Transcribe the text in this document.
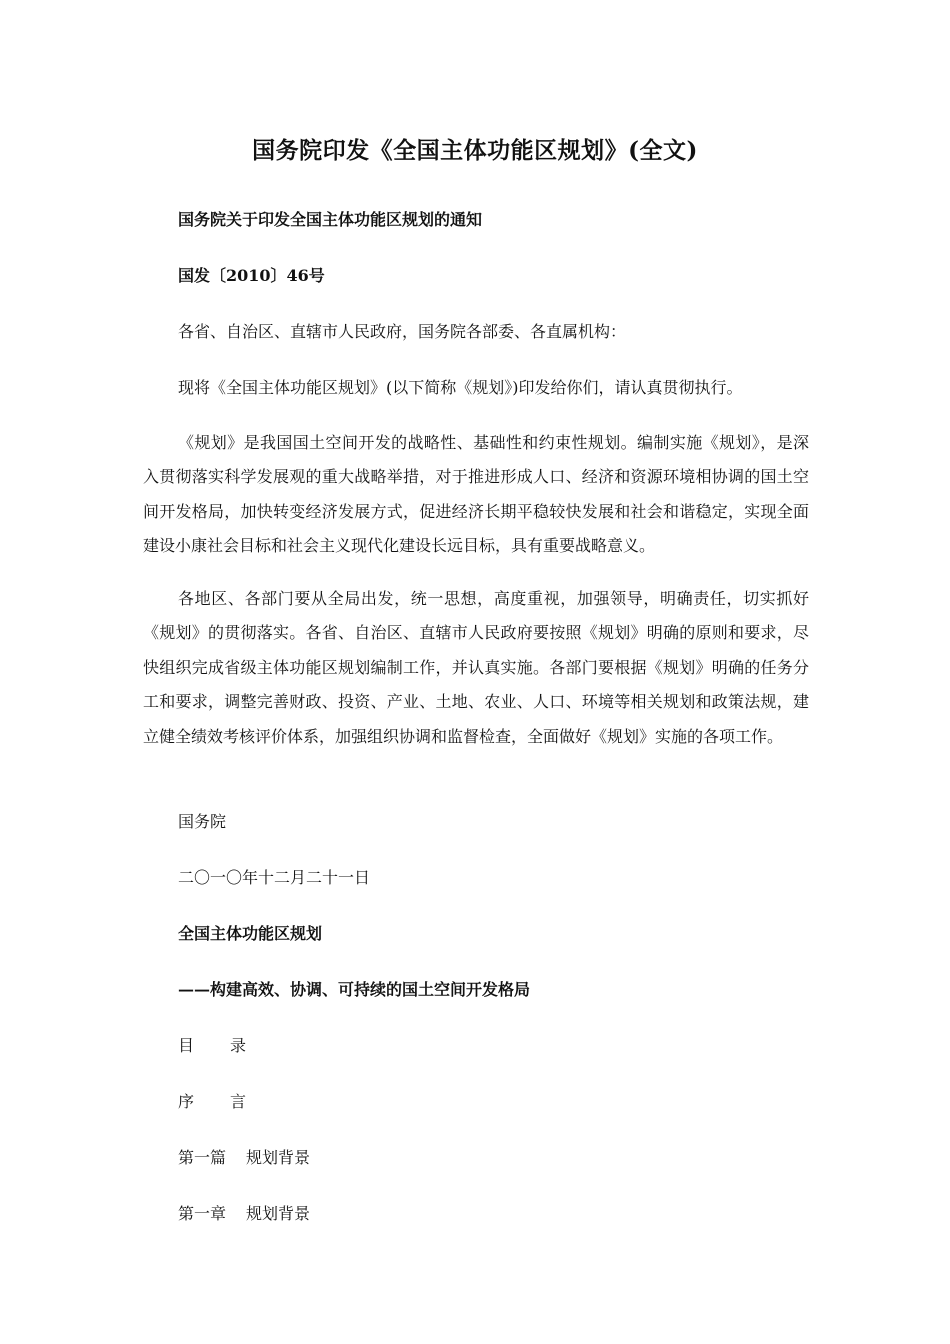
国务院印发《全国主体功能区规划》(全文)

国务院关于印发全国主体功能区规划的通知

国发〔2010〕46号

各省、自治区、直辖市人民政府，国务院各部委、各直属机构：

现将《全国主体功能区规划》(以下简称《规划》)印发给你们，请认真贯彻执行。

《规划》是我国国土空间开发的战略性、基础性和约束性规划。编制实施《规划》，是深入贯彻落实科学发展观的重大战略举措，对于推进形成人口、经济和资源环境相协调的国土空间开发格局，加快转变经济发展方式，促进经济长期平稳较快发展和社会和谐稳定，实现全面建设小康社会目标和社会主义现代化建设长远目标，具有重要战略意义。

各地区、各部门要从全局出发，统一思想，高度重视，加强领导，明确责任，切实抓好《规划》的贯彻落实。各省、自治区、直辖市人民政府要按照《规划》明确的原则和要求，尽快组织完成省级主体功能区规划编制工作，并认真实施。各部门要根据《规划》明确的任务分工和要求，调整完善财政、投资、产业、土地、农业、人口、环境等相关规划和政策法规，建立健全绩效考核评价体系，加强组织协调和监督检查，全面做好《规划》实施的各项工作。

国务院

二〇一〇年十二月二十一日

全国主体功能区规划

——构建高效、协调、可持续的国土空间开发格局

目 录

序 言

第一篇 规划背景

第一章 规划背景
